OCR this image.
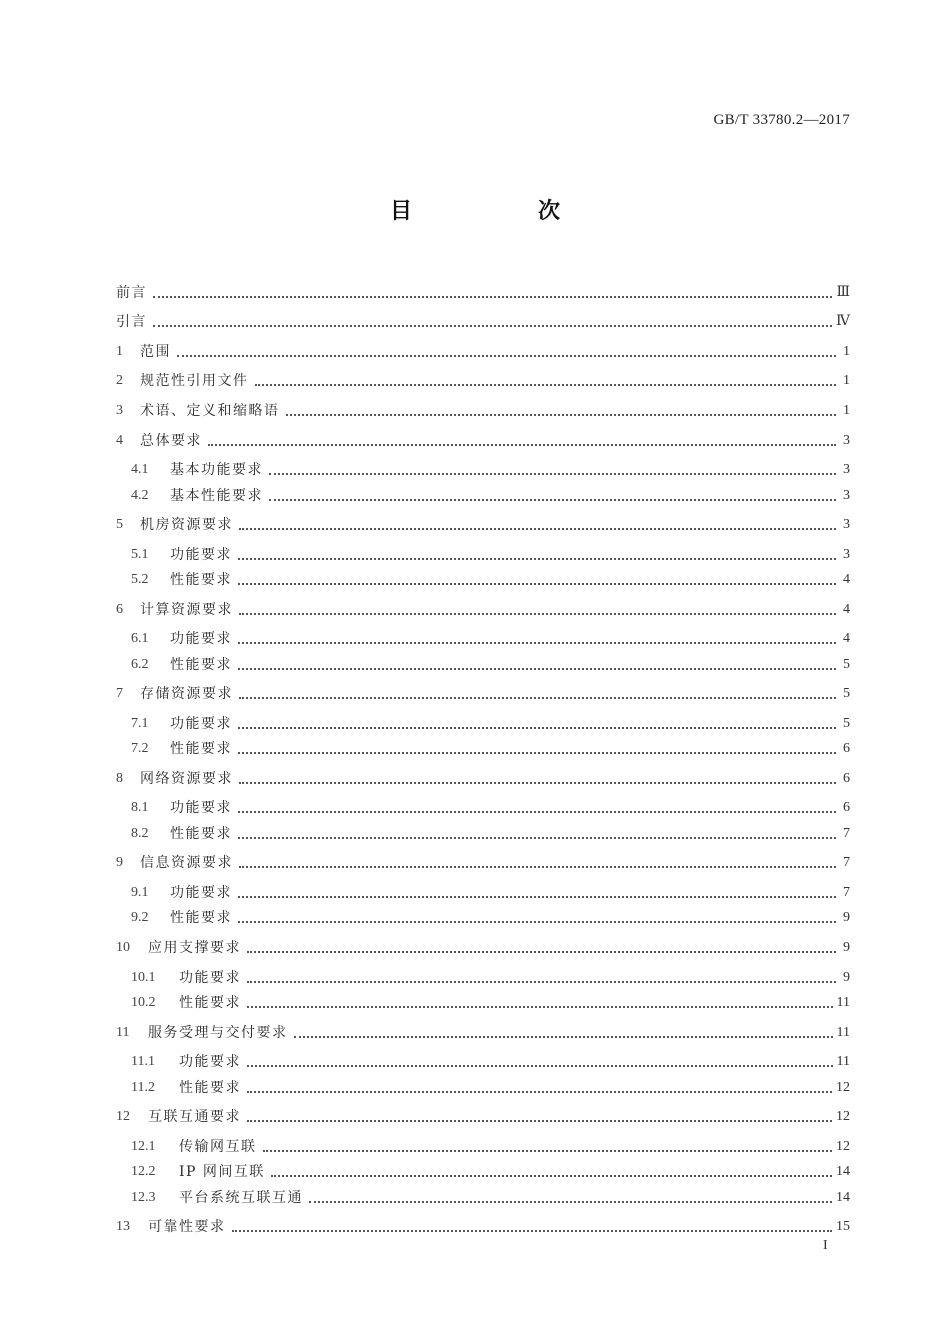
GB/T 33780.2—2017
目　次
前言	Ⅲ
引言	Ⅳ
1	范围	1
2	规范性引用文件	1
3	术语、定义和缩略语	1
4	总体要求	3
4.1	基本功能要求	3
4.2	基本性能要求	3
5	机房资源要求	3
5.1	功能要求	3
5.2	性能要求	4
6	计算资源要求	4
6.1	功能要求	4
6.2	性能要求	5
7	存储资源要求	5
7.1	功能要求	5
7.2	性能要求	6
8	网络资源要求	6
8.1	功能要求	6
8.2	性能要求	7
9	信息资源要求	7
9.1	功能要求	7
9.2	性能要求	9
10	应用支撑要求	9
10.1	功能要求	9
10.2	性能要求	11
11	服务受理与交付要求	11
11.1	功能要求	11
11.2	性能要求	12
12	互联互通要求	12
12.1	传输网互联	12
12.2	IP 网间互联	14
12.3	平台系统互联互通	14
13	可靠性要求	15
I
